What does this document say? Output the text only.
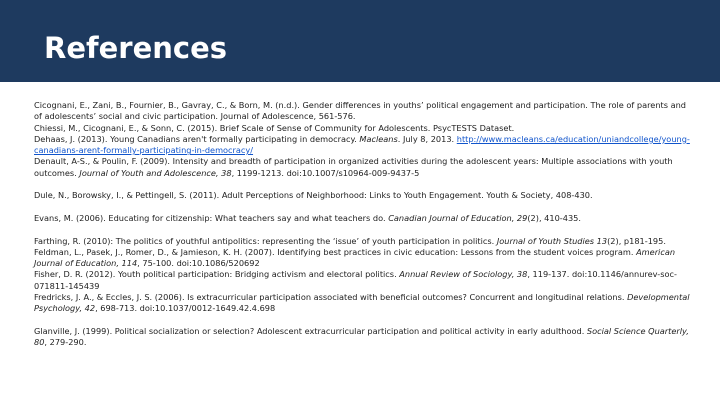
References

Cicognani, E., Zani, B., Fournier, B., Gavray, C., & Born, M. (n.d.). Gender differences in youths’ political engagement and participation. The role of parents and of adolescents’ social and civic participation. Journal of Adolescence, 561-576.

Chiessi, M., Cicognani, E., & Sonn, C. (2015). Brief Scale of Sense of Community for Adolescents. PsycTESTS Dataset.

Dehaas, J. (2013). Young Canadians aren't formally participating in democracy. Macleans. July 8, 2013. http://www.macleans.ca/education/uniandcollege/young-canadians-arent-formally-participating-in-democracy/

Denault, A-S., & Poulin, F. (2009). Intensity and breadth of participation in organized activities during the adolescent years: Multiple associations with youth outcomes. Journal of Youth and Adolescence, 38, 1199-1213. doi:10.1007/s10964-009-9437-5

Dule, N., Borowsky, I., & Pettingell, S. (2011). Adult Perceptions of Neighborhood: Links to Youth Engagement. Youth & Society, 408-430.

Evans, M. (2006). Educating for citizenship: What teachers say and what teachers do. Canadian Journal of Education, 29(2), 410-435.

Farthing, R. (2010): The politics of youthful antipolitics: representing the ‘issue’ of youth participation in politics. Journal of Youth Studies 13(2), p181-195.

Feldman, L., Pasek, J., Romer, D., & Jamieson, K. H. (2007). Identifying best practices in civic education: Lessons from the student voices program. American Journal of Education, 114, 75-100. doi:10.1086/520692

Fisher, D. R. (2012). Youth political participation: Bridging activism and electoral politics. Annual Review of Sociology, 38, 119-137. doi:10.1146/annurev-soc-071811-145439

Fredricks, J. A., & Eccles, J. S. (2006). Is extracurricular participation associated with beneficial outcomes? Concurrent and longitudinal relations. Developmental Psychology, 42, 698-713. doi:10.1037/0012-1649.42.4.698

Glanville, J. (1999). Political socialization or selection? Adolescent extracurricular participation and political activity in early adulthood. Social Science Quarterly, 80, 279-290.
